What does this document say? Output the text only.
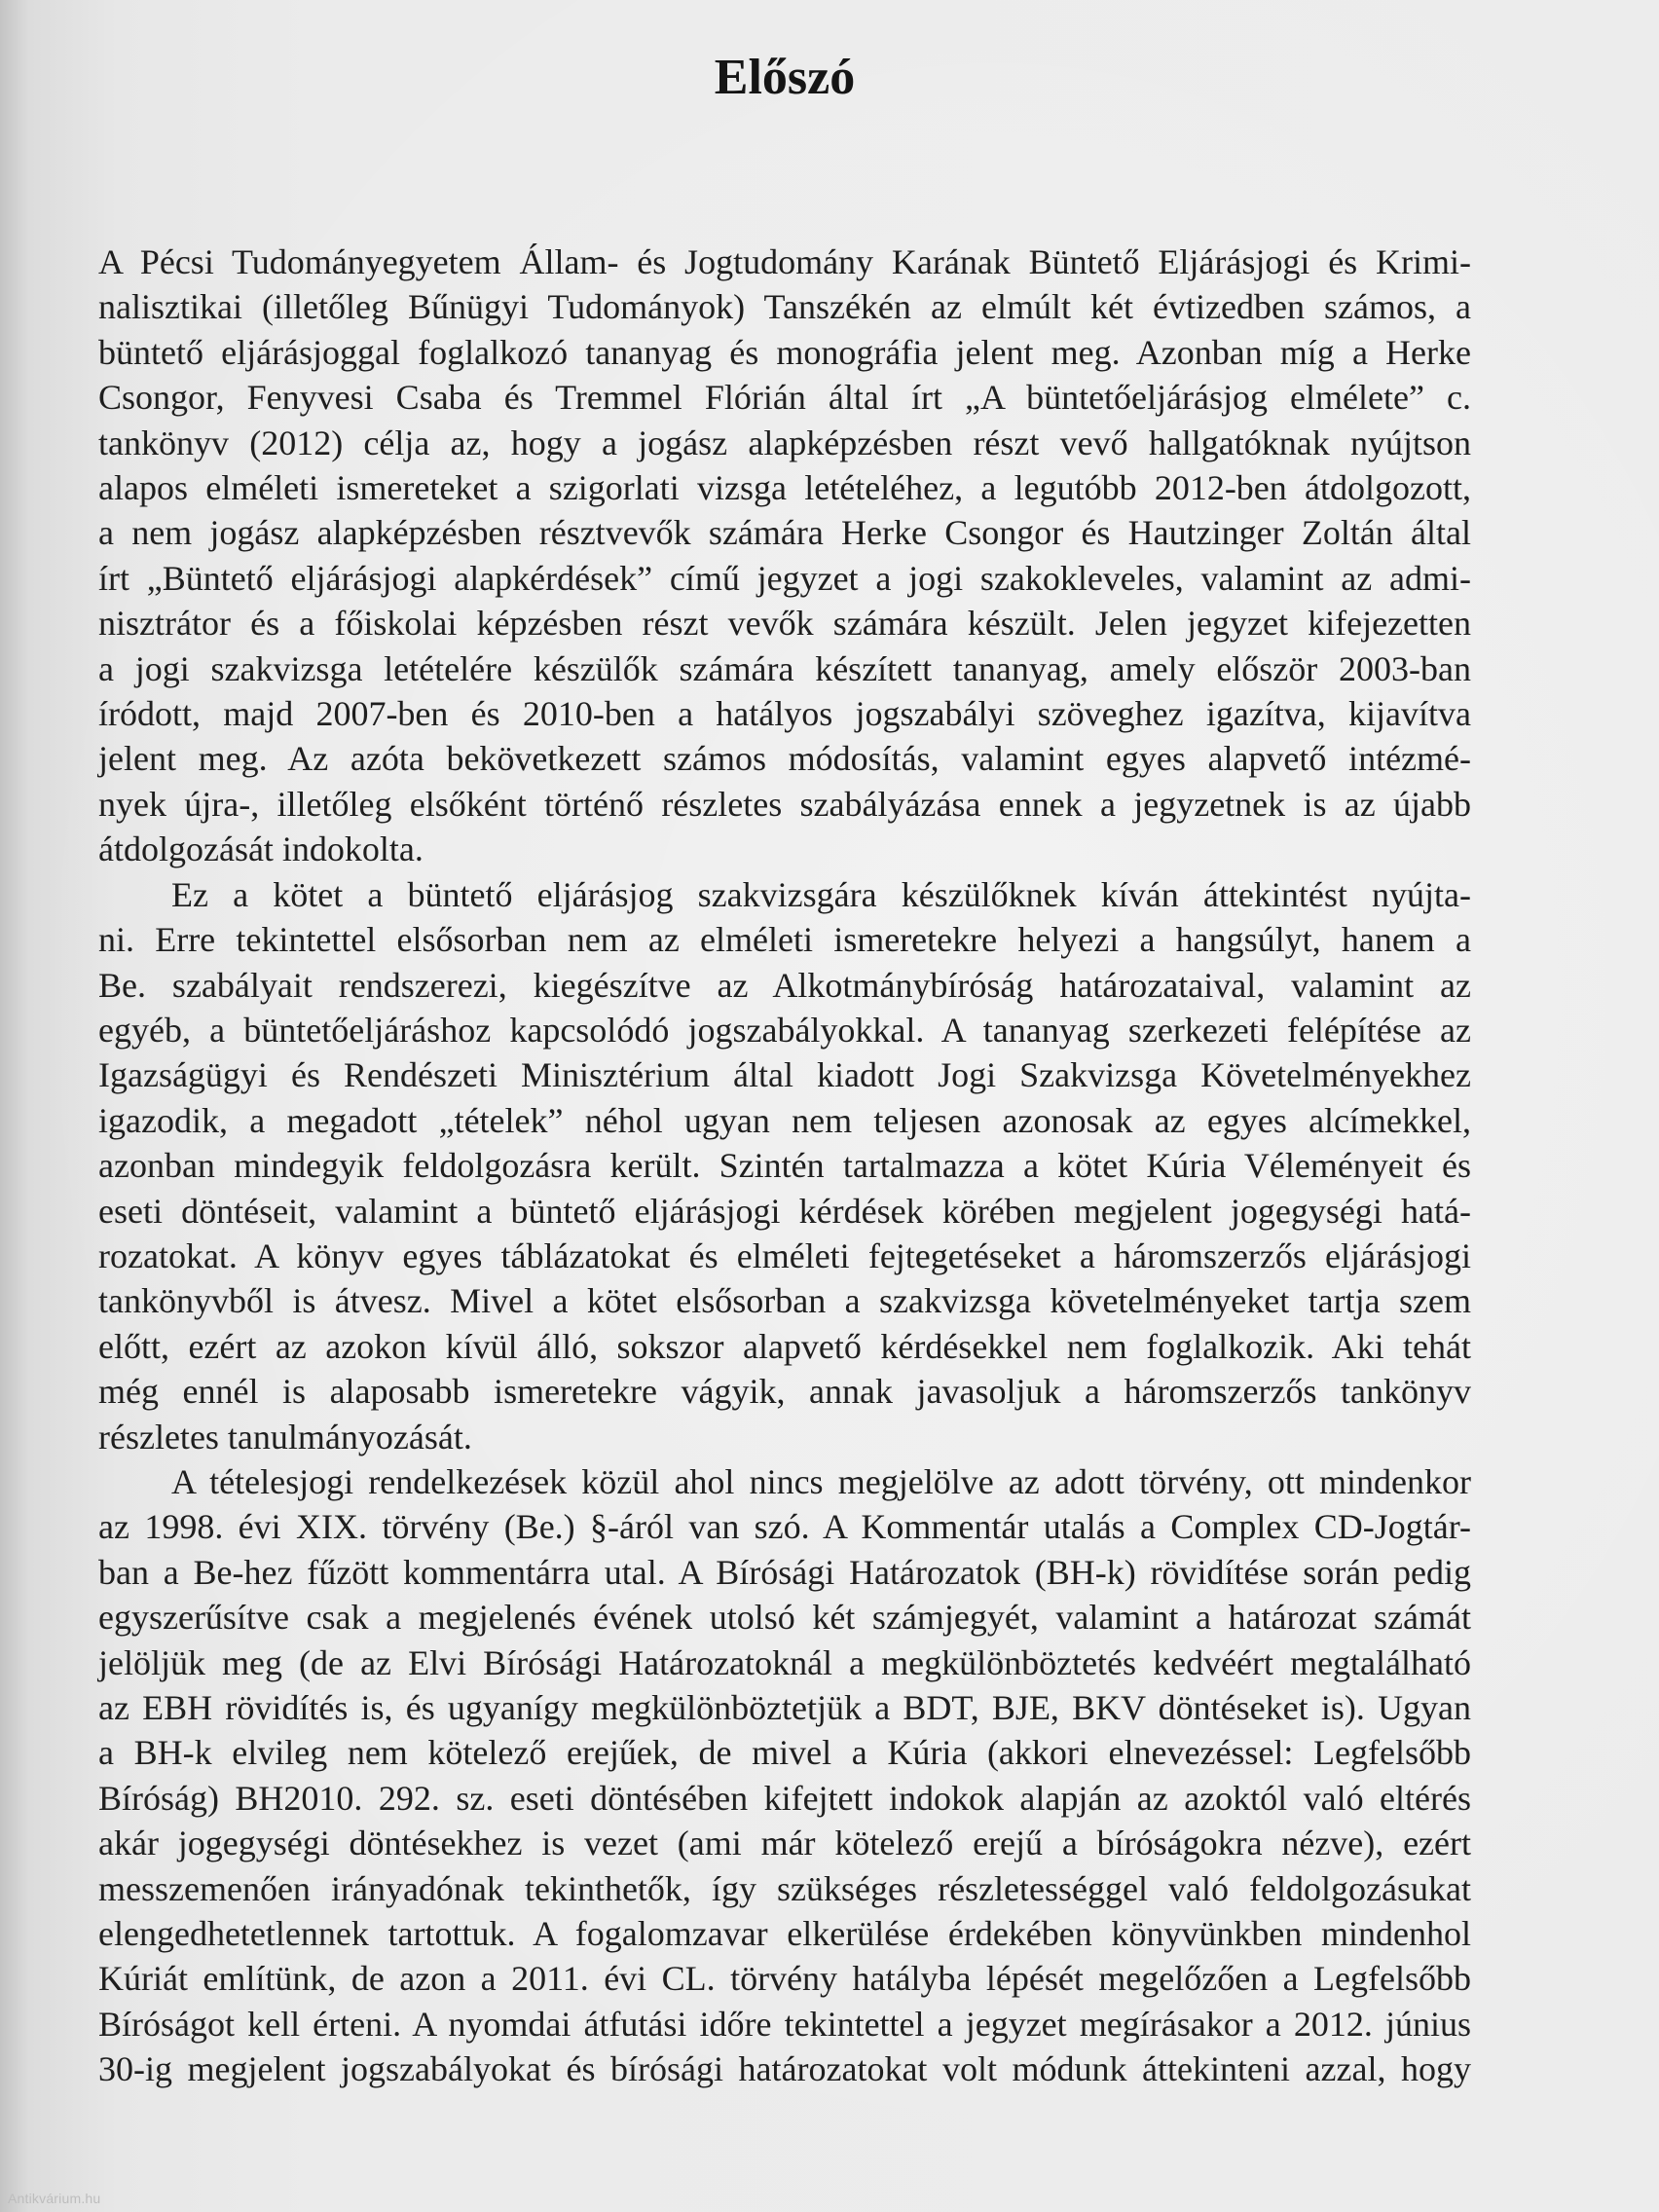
Előszó
A Pécsi Tudományegyetem Állam- és Jogtudomány Karának Büntető Eljárásjogi és Krimi-
nalisztikai (illetőleg Bűnügyi Tudományok) Tanszékén az elmúlt két évtizedben számos, a
büntető eljárásjoggal foglalkozó tananyag és monográfia jelent meg. Azonban míg a Herke
Csongor, Fenyvesi Csaba és Tremmel Flórián által írt „A büntetőeljárásjog elmélete” c.
tankönyv (2012) célja az, hogy a jogász alapképzésben részt vevő hallgatóknak nyújtson
alapos elméleti ismereteket a szigorlati vizsga letételéhez, a legutóbb 2012-ben átdolgozott,
a nem jogász alapképzésben résztvevők számára Herke Csongor és Hautzinger Zoltán által
írt „Büntető eljárásjogi alapkérdések” című jegyzet a jogi szakokleveles, valamint az admi-
nisztrátor és a főiskolai képzésben részt vevők számára készült. Jelen jegyzet kifejezetten
a jogi szakvizsga letételére készülők számára készített tananyag, amely először 2003-ban
íródott, majd 2007-ben és 2010-ben a hatályos jogszabályi szöveghez igazítva, kijavítva
jelent meg. Az azóta bekövetkezett számos módosítás, valamint egyes alapvető intézmé-
nyek újra-, illetőleg elsőként történő részletes szabályázása ennek a jegyzetnek is az újabb
átdolgozását indokolta.
Ez a kötet a büntető eljárásjog szakvizsgára készülőknek kíván áttekintést nyújta-
ni. Erre tekintettel elsősorban nem az elméleti ismeretekre helyezi a hangsúlyt, hanem a
Be. szabályait rendszerezi, kiegészítve az Alkotmánybíróság határozataival, valamint az
egyéb, a büntetőeljáráshoz kapcsolódó jogszabályokkal. A tananyag szerkezeti felépítése az
Igazságügyi és Rendészeti Minisztérium által kiadott Jogi Szakvizsga Követelményekhez
igazodik, a megadott „tételek” néhol ugyan nem teljesen azonosak az egyes alcímekkel,
azonban mindegyik feldolgozásra került. Szintén tartalmazza a kötet Kúria Véleményeit és
eseti döntéseit, valamint a büntető eljárásjogi kérdések körében megjelent jogegységi hatá-
rozatokat. A könyv egyes táblázatokat és elméleti fejtegetéseket a háromszerzős eljárásjogi
tankönyvből is átvesz. Mivel a kötet elsősorban a szakvizsga követelményeket tartja szem
előtt, ezért az azokon kívül álló, sokszor alapvető kérdésekkel nem foglalkozik. Aki tehát
még ennél is alaposabb ismeretekre vágyik, annak javasoljuk a háromszerzős tankönyv
részletes tanulmányozását.
A tételesjogi rendelkezések közül ahol nincs megjelölve az adott törvény, ott mindenkor
az 1998. évi XIX. törvény (Be.) §-áról van szó. A Kommentár utalás a Complex CD-Jogtár-
ban a Be-hez fűzött kommentárra utal. A Bírósági Határozatok (BH-k) rövidítése során pedig
egyszerűsítve csak a megjelenés évének utolsó két számjegyét, valamint a határozat számát
jelöljük meg (de az Elvi Bírósági Határozatoknál a megkülönböztetés kedvéért megtalálható
az EBH rövidítés is, és ugyanígy megkülönböztetjük a BDT, BJE, BKV döntéseket is). Ugyan
a BH-k elvileg nem kötelező erejűek, de mivel a Kúria (akkori elnevezéssel: Legfelsőbb
Bíróság) BH2010. 292. sz. eseti döntésében kifejtett indokok alapján az azoktól való eltérés
akár jogegységi döntésekhez is vezet (ami már kötelező erejű a bíróságokra nézve), ezért
messzemenően irányadónak tekinthetők, így szükséges részletességgel való feldolgozásukat
elengedhetetlennek tartottuk. A fogalomzavar elkerülése érdekében könyvünkben mindenhol
Kúriát említünk, de azon a 2011. évi CL. törvény hatályba lépését megelőzően a Legfelsőbb
Bíróságot kell érteni. A nyomdai átfutási időre tekintettel a jegyzet megírásakor a 2012. június
30-ig megjelent jogszabályokat és bírósági határozatokat volt módunk áttekinteni azzal, hogy
Antikvárium.hu
